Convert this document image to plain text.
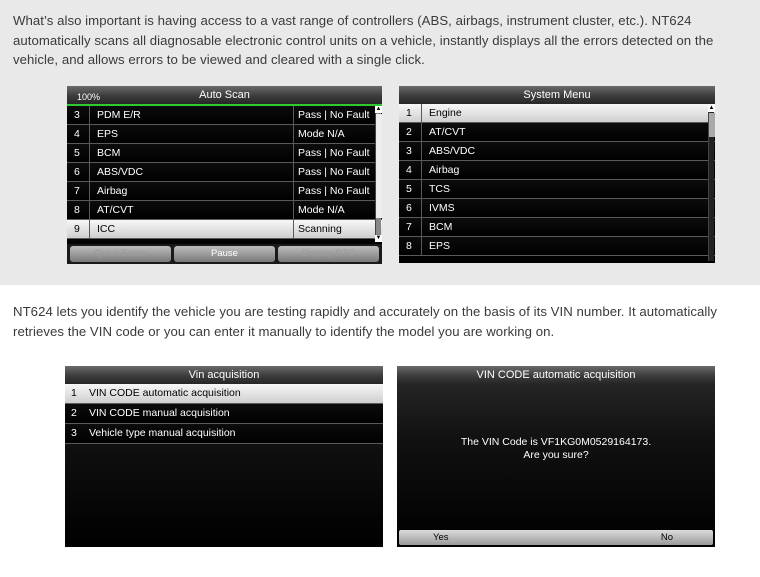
What’s also important is having access to a vast range of controllers (ABS, airbags, instrument cluster, etc.). NT624 automatically scans all diagnosable electronic control units on a vehicle, instantly displays all the errors detected on the vehicle, and allows errors to be viewed and cleared with a single click.

100%	Auto Scan
3	PDM E/R	Pass | No Fault
4	EPS	Mode N/A
5	BCM	Pass | No Fault
6	ABS/VDC	Pass | No Fault
7	Airbag	Pass | No Fault
8	AT/CVT	Mode N/A
9	ICC	Scanning
▲
▼
Quick Erase	Pause	Display DTC
System Menu
1	Engine
2	AT/CVT
3	ABS/VDC
4	Airbag
5	TCS
6	IVMS
7	BCM
8	EPS
▲

NT624 lets you identify the vehicle you are testing rapidly and accurately on the basis of its VIN number. It automatically retrieves the VIN code or you can enter it manually to identify the model you are working on.

Vin acquisition
1	VIN CODE automatic acquisition
2	VIN CODE manual acquisition
3	Vehicle type manual acquisition
VIN CODE automatic acquisition
The VIN Code is VF1KG0M0529164173.
Are you sure?
Yes	No
